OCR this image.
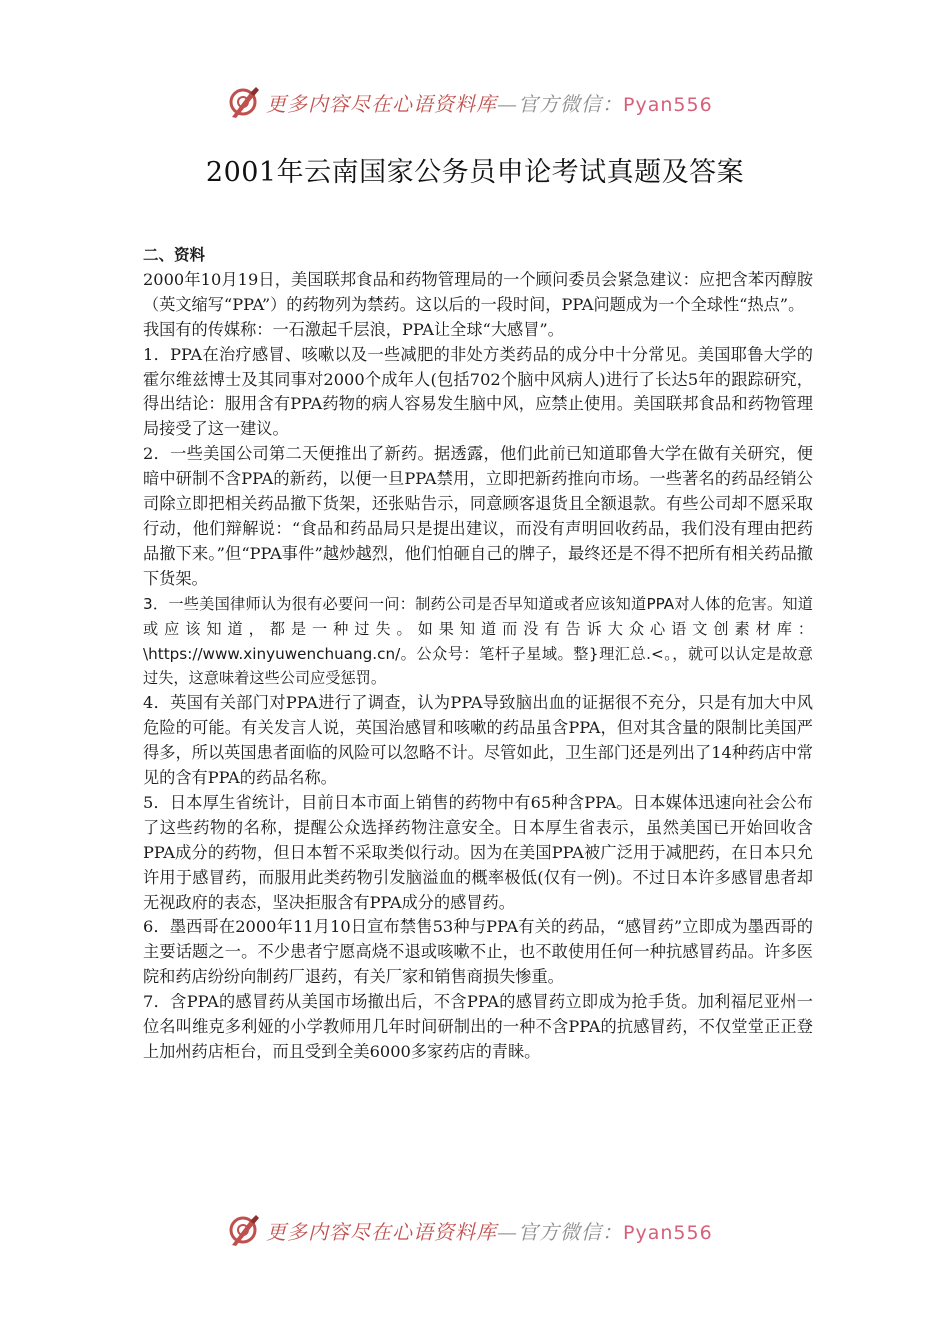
更多内容尽在心语资料库—官方微信：Pyan556
2001年云南国家公务员申论考试真题及答案

二、资料

2000年10月19日，美国联邦食品和药物管理局的一个顾问委员会紧急建议：应把含苯丙醇胺（英文缩写“PPA”）的药物列为禁药。这以后的一段时间，PPA问题成为一个全球性“热点”。

我国有的传媒称：一石激起千层浪，PPA让全球“大感冒”。

1．PPA在治疗感冒、咳嗽以及一些减肥的非处方类药品的成分中十分常见。美国耶鲁大学的霍尔维兹博士及其同事对2000个成年人(包括702个脑中风病人)进行了长达5年的跟踪研究，得出结论：服用含有PPA药物的病人容易发生脑中风，应禁止使用。美国联邦食品和药物管理局接受了这一建议。

2．一些美国公司第二天便推出了新药。据透露，他们此前已知道耶鲁大学在做有关研究，便暗中研制不含PPA的新药，以便一旦PPA禁用，立即把新药推向市场。一些著名的药品经销公司除立即把相关药品撤下货架，还张贴告示，同意顾客退货且全额退款。有些公司却不愿采取行动，他们辩解说：“食品和药品局只是提出建议，而没有声明回收药品，我们没有理由把药品撤下来。”但“PPA事件”越炒越烈，他们怕砸自己的牌子，最终还是不得不把所有相关药品撤下货架。

3．一些美国律师认为很有必要问一问：制药公司是否早知道或者应该知道PPA对人体的危害。知道或应该知道，都是一种过失。如果知道而没有告诉大众心语文创素材库：\https://www.xinyuwenchuang.cn/。公众号：笔杆子星域。整}理汇总.<。，就可以认定是故意过失，这意味着这些公司应受惩罚。

4．英国有关部门对PPA进行了调查，认为PPA导致脑出血的证据很不充分，只是有加大中风危险的可能。有关发言人说，英国治感冒和咳嗽的药品虽含PPA，但对其含量的限制比美国严得多，所以英国患者面临的风险可以忽略不计。尽管如此，卫生部门还是列出了14种药店中常见的含有PPA的药品名称。

5．日本厚生省统计，目前日本市面上销售的药物中有65种含PPA。日本媒体迅速向社会公布了这些药物的名称，提醒公众选择药物注意安全。日本厚生省表示，虽然美国已开始回收含PPA成分的药物，但日本暂不采取类似行动。因为在美国PPA被广泛用于减肥药，在日本只允许用于感冒药，而服用此类药物引发脑溢血的概率极低(仅有一例)。不过日本许多感冒患者却无视政府的表态，坚决拒服含有PPA成分的感冒药。

6．墨西哥在2000年11月10日宣布禁售53种与PPA有关的药品，“感冒药”立即成为墨西哥的主要话题之一。不少患者宁愿高烧不退或咳嗽不止，也不敢使用任何一种抗感冒药品。许多医院和药店纷纷向制药厂退药，有关厂家和销售商损失惨重。

7．含PPA的感冒药从美国市场撤出后，不含PPA的感冒药立即成为抢手货。加利福尼亚州一位名叫维克多利娅的小学教师用几年时间研制出的一种不含PPA的抗感冒药，不仅堂堂正正登上加州药店柜台，而且受到全美6000多家药店的青睐。

更多内容尽在心语资料库—官方微信：Pyan556
